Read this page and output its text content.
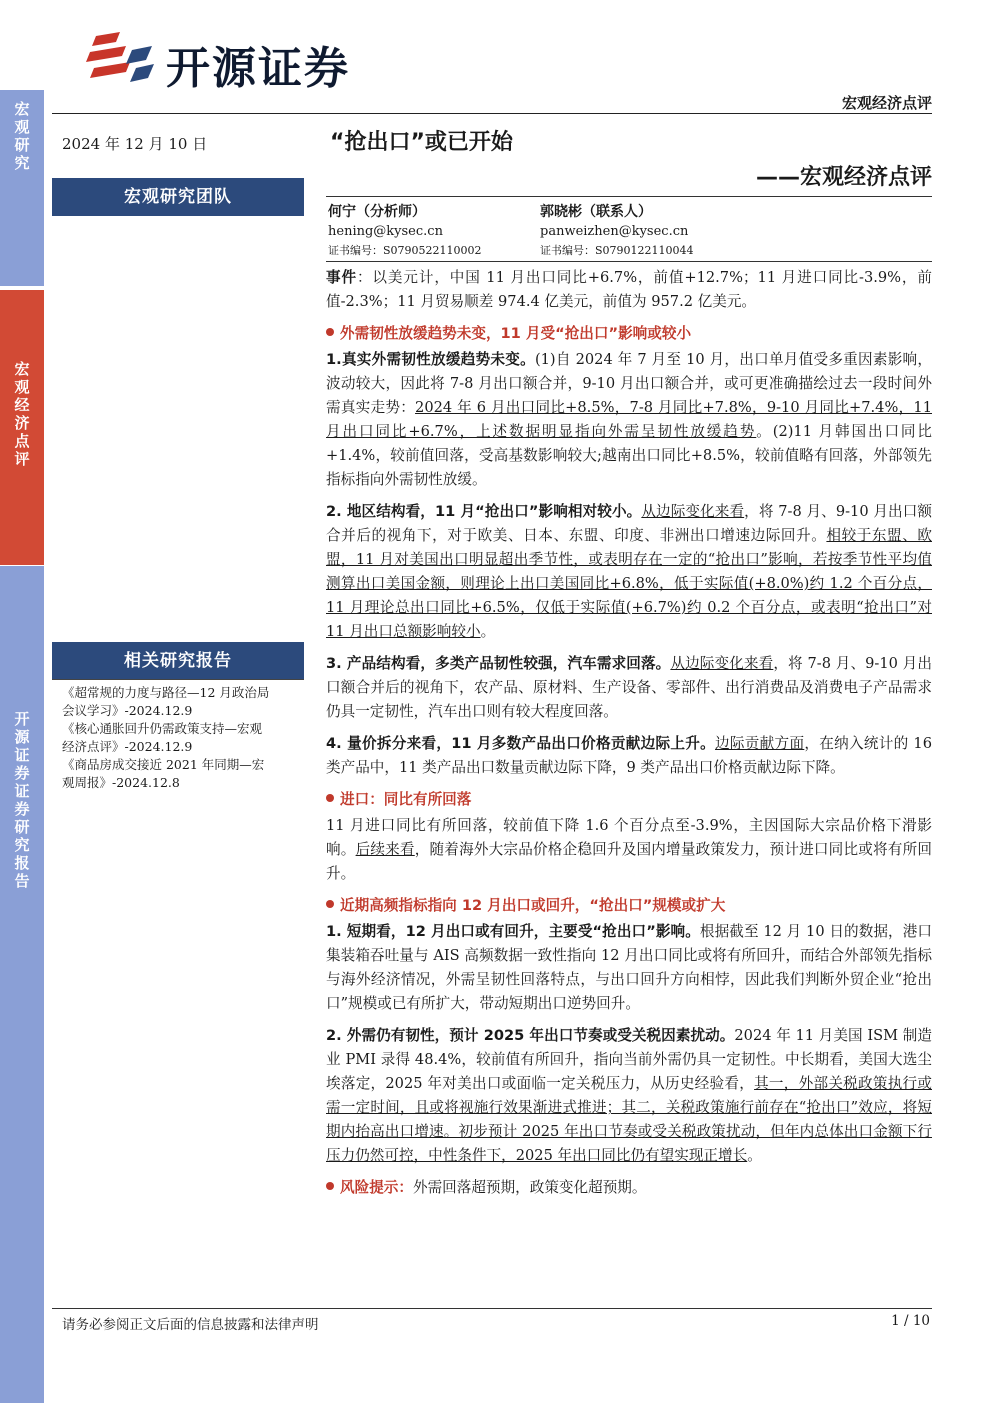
宏
观
研
究
宏
观
经
济
点
评
开
源
证
券
证
券
研
究
报
告
开源证券
宏观经济点评
2024 年 12 月 10 日
宏观研究团队
相关研究报告
《超常规的力度与路径—12 月政治局
会议学习》-2024.12.9
《核心通胀回升仍需政策支持—宏观
经济点评》-2024.12.9
《商品房成交接近 2021 年同期—宏
观周报》-2024.12.8
“抢出口”或已开始
——宏观经济点评
何宁（分析师）
hening@kysec.cn
证书编号：S0790522110002
郭晓彬（联系人）
panweizhen@kysec.cn
证书编号：S0790122110044
事件：以美元计，中国 11 月出口同比+6.7%，前值+12.7%；11 月进口同比-3.9%，前值-2.3%；11 月贸易顺差 974.4 亿美元，前值为 957.2 亿美元。
外需韧性放缓趋势未变，11 月受“抢出口”影响或较小
1.真实外需韧性放缓趋势未变。(1)自 2024 年 7 月至 10 月，出口单月值受多重因素影响，波动较大，因此将 7-8 月出口额合并，9-10 月出口额合并，或可更准确描绘过去一段时间外需真实走势：2024 年 6 月出口同比+8.5%，7-8 月同比+7.8%，9-10 月同比+7.4%，11 月出口同比+6.7%，上述数据明显指向外需呈韧性放缓趋势。(2)11 月韩国出口同比+1.4%，较前值回落，受高基数影响较大;越南出口同比+8.5%，较前值略有回落，外部领先指标指向外需韧性放缓。
2. 地区结构看，11 月“抢出口”影响相对较小。从边际变化来看，将 7-8 月、9-10 月出口额合并后的视角下，对于欧美、日本、东盟、印度、非洲出口增速边际回升。相较于东盟、欧盟，11 月对美国出口明显超出季节性，或表明存在一定的“抢出口”影响，若按季节性平均值测算出口美国金额，则理论上出口美国同比+6.8%，低于实际值(+8.0%)约 1.2 个百分点，11 月理论总出口同比+6.5%，仅低于实际值(+6.7%)约 0.2 个百分点，或表明“抢出口”对 11 月出口总额影响较小。
3. 产品结构看，多类产品韧性较强，汽车需求回落。从边际变化来看，将 7-8 月、9-10 月出口额合并后的视角下，农产品、原材料、生产设备、零部件、出行消费品及消费电子产品需求仍具一定韧性，汽车出口则有较大程度回落。
4. 量价拆分来看，11 月多数产品出口价格贡献边际上升。边际贡献方面，在纳入统计的 16 类产品中，11 类产品出口数量贡献边际下降，9 类产品出口价格贡献边际下降。
进口：同比有所回落
11 月进口同比有所回落，较前值下降 1.6 个百分点至-3.9%，主因国际大宗品价格下滑影响。后续来看，随着海外大宗品价格企稳回升及国内增量政策发力，预计进口同比或将有所回升。
近期高频指标指向 12 月出口或回升，“抢出口”规模或扩大
1. 短期看，12 月出口或有回升，主要受“抢出口”影响。根据截至 12 月 10 日的数据，港口集装箱吞吐量与 AIS 高频数据一致性指向 12 月出口同比或将有所回升，而结合外部领先指标与海外经济情况，外需呈韧性回落特点，与出口回升方向相悖，因此我们判断外贸企业“抢出口”规模或已有所扩大，带动短期出口逆势回升。
2. 外需仍有韧性，预计 2025 年出口节奏或受关税因素扰动。2024 年 11 月美国 ISM 制造业 PMI 录得 48.4%，较前值有所回升，指向当前外需仍具一定韧性。中长期看，美国大选尘埃落定，2025 年对美出口或面临一定关税压力，从历史经验看，其一，外部关税政策执行或需一定时间，且或将视施行效果渐进式推进；其二，关税政策施行前存在“抢出口”效应，将短期内抬高出口增速。初步预计 2025 年出口节奏或受关税政策扰动，但年内总体出口金额下行压力仍然可控，中性条件下，2025 年出口同比仍有望实现正增长。
风险提示：外需回落超预期，政策变化超预期。
请务必参阅正文后面的信息披露和法律声明	1 / 10
